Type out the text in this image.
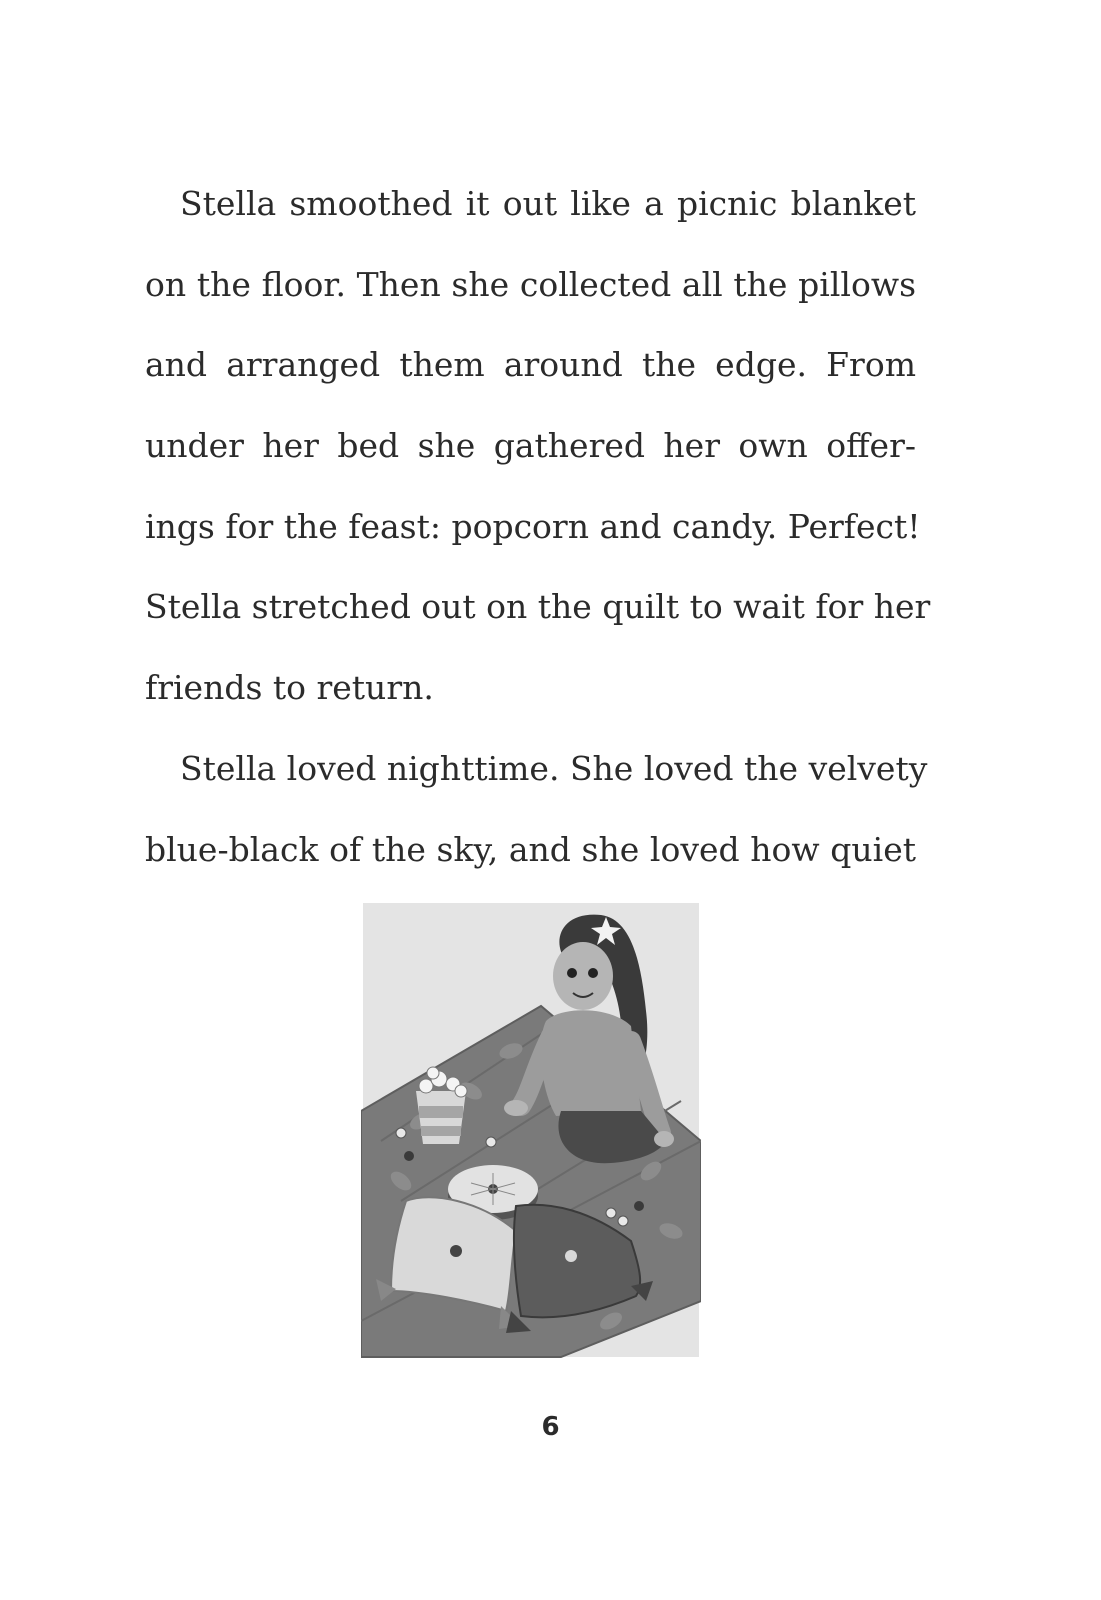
Stella smoothed it out like a picnic blanket
on the floor. Then she collected all the pillows
and arranged them around the edge. From
under her bed she gathered her own offer-
ings for the feast: popcorn and candy. Perfect!
Stella stretched out on the quilt to wait for her
friends to return.
Stella loved nighttime. She loved the velvety
blue-black of the sky, and she loved how quiet
6
